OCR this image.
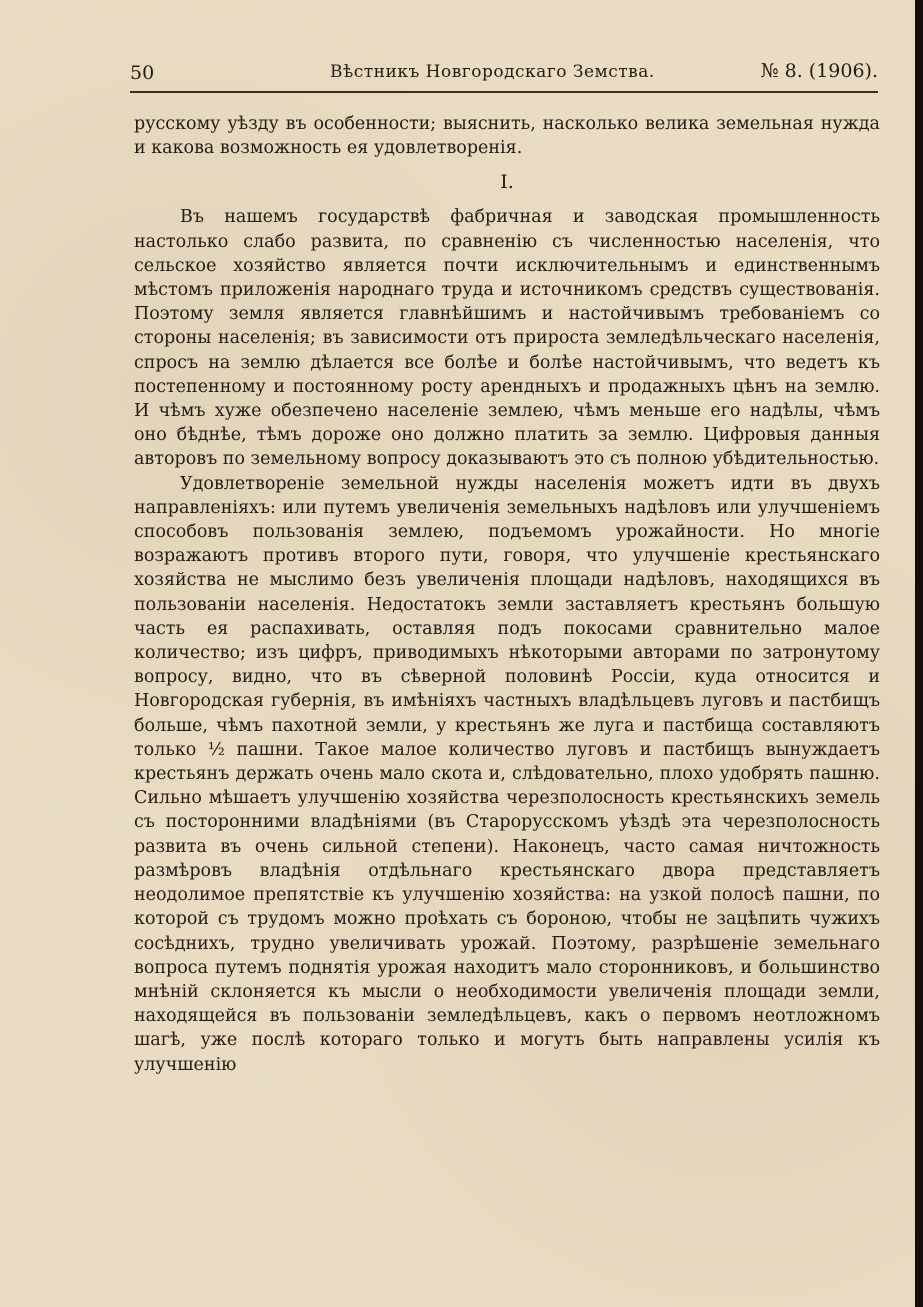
50	Вѣстникъ Новгородскаго Земства.	№ 8. (1906).

русскому уѣзду въ особенности; выяснить, насколько велика земельная нужда и какова возможность ея удовлетворенія.

I.

Въ нашемъ государствѣ фабричная и заводская промышленность настолько слабо развита, по сравненію съ численностью населенія, что сельское хозяйство является почти исключительнымъ и единственнымъ мѣстомъ приложенія народнаго труда и источникомъ средствъ существованія. Поэтому земля является главнѣйшимъ и настойчивымъ требованіемъ со стороны населенія; въ зависимости отъ прироста земледѣльческаго населенія, спросъ на землю дѣлается все болѣе и болѣе настойчивымъ, что ведетъ къ постепенному и постоянному росту арендныхъ и продажныхъ цѣнъ на землю. И чѣмъ хуже обезпечено населеніе землею, чѣмъ меньше его надѣлы, чѣмъ оно бѣднѣе, тѣмъ дороже оно должно платить за землю. Цифровыя данныя авторовъ по земельному вопросу доказываютъ это съ полною убѣдительностью.

Удовлетвореніе земельной нужды населенія можетъ идти въ двухъ направленіяхъ: или путемъ увеличенія земельныхъ надѣловъ или улучшеніемъ способовъ пользованія землею, подъемомъ урожайности. Но многіе возражаютъ противъ второго пути, говоря, что улучшеніе крестьянскаго хозяйства не мыслимо безъ увеличенія площади надѣловъ, находящихся въ пользованіи населенія. Недостатокъ земли заставляетъ крестьянъ большую часть ея распахивать, оставляя подъ покосами сравнительно малое количество; изъ цифръ, приводимыхъ нѣкоторыми авторами по затронутому вопросу, видно, что въ сѣверной половинѣ Россіи, куда относится и Новгородская губернія, въ имѣніяхъ частныхъ владѣльцевъ луговъ и пастбищъ больше, чѣмъ пахотной земли, у крестьянъ же луга и пастбища составляютъ только ½ пашни. Такое малое количество луговъ и пастбищъ вынуждаетъ крестьянъ держать очень мало скота и, слѣдовательно, плохо удобрять пашню. Сильно мѣшаетъ улучшенію хозяйства черезполосность крестьянскихъ земель съ посторонними владѣніями (въ Старорусскомъ уѣздѣ эта черезполосность развита въ очень сильной степени). Наконецъ, часто самая ничтожность размѣровъ владѣнія отдѣльнаго крестьянскаго двора представляетъ неодолимое препятствіе къ улучшенію хозяйства: на узкой полосѣ пашни, по которой съ трудомъ можно проѣхать съ бороною, чтобы не зацѣпить чужихъ сосѣднихъ, трудно увеличивать урожай. Поэтому, разрѣшеніе земельнаго вопроса путемъ поднятія урожая находитъ мало сторонниковъ, и большинство мнѣній склоняется къ мысли о необходимости увеличенія площади земли, находящейся въ пользованіи земледѣльцевъ, какъ о первомъ неотложномъ шагѣ, уже послѣ котораго только и могутъ быть направлены усилія къ улучшенію
